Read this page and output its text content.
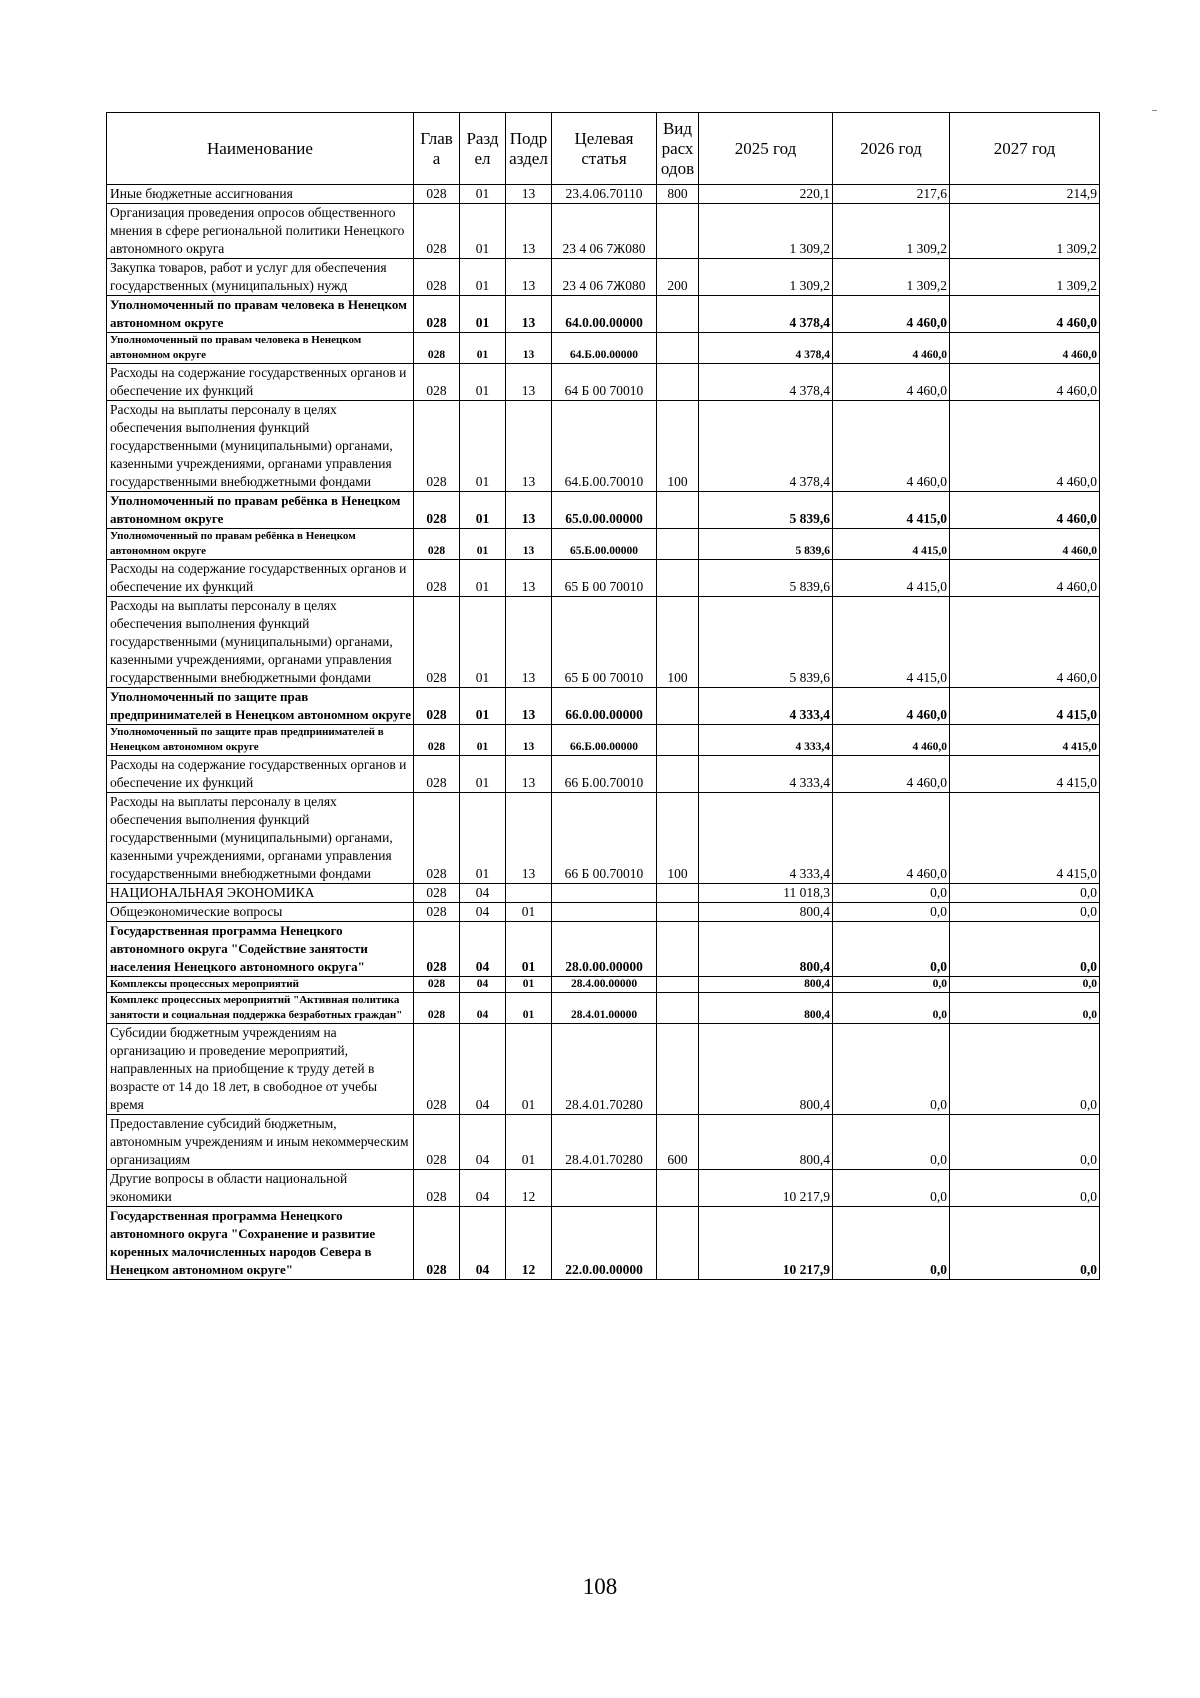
Наименование	Глав а	Разд ел	Подр аздел	Целевая статья	Вид расх одов	2025 год	2026 год	2027 год
Иные бюджетные ассигнования	028	01	13	23.4.06.70110	800	220,1	217,6	214,9
Организация проведения опросов общественного мнения в сфере региональной политики Ненецкого автономного округа	028	01	13	23 4 06 7Ж080		1 309,2	1 309,2	1 309,2
Закупка товаров, работ и услуг для обеспечения государственных (муниципальных) нужд	028	01	13	23 4 06 7Ж080	200	1 309,2	1 309,2	1 309,2
Уполномоченный по правам человека в Ненецком автономном округе	028	01	13	64.0.00.00000		4 378,4	4 460,0	4 460,0
Уполномоченный по правам человека в Ненецком автономном округе	028	01	13	64.Б.00.00000		4 378,4	4 460,0	4 460,0
Расходы на содержание государственных органов и обеспечение их функций	028	01	13	64 Б 00 70010		4 378,4	4 460,0	4 460,0
Расходы на выплаты персоналу в целях обеспечения выполнения функций государственными (муниципальными) органами, казенными учреждениями, органами управления государственными внебюджетными фондами	028	01	13	64.Б.00.70010	100	4 378,4	4 460,0	4 460,0
Уполномоченный по правам ребёнка в Ненецком автономном округе	028	01	13	65.0.00.00000		5 839,6	4 415,0	4 460,0
Уполномоченный по правам ребёнка в Ненецком автономном округе	028	01	13	65.Б.00.00000		5 839,6	4 415,0	4 460,0
Расходы на содержание государственных органов и обеспечение их функций	028	01	13	65 Б 00 70010		5 839,6	4 415,0	4 460,0
Расходы на выплаты персоналу в целях обеспечения выполнения функций государственными (муниципальными) органами, казенными учреждениями, органами управления государственными внебюджетными фондами	028	01	13	65 Б 00 70010	100	5 839,6	4 415,0	4 460,0
Уполномоченный по защите прав предпринимателей в Ненецком автономном округе	028	01	13	66.0.00.00000		4 333,4	4 460,0	4 415,0
Уполномоченный по защите прав предпринимателей в Ненецком автономном округе	028	01	13	66.Б.00.00000		4 333,4	4 460,0	4 415,0
Расходы на содержание государственных органов и обеспечение их функций	028	01	13	66 Б.00.70010		4 333,4	4 460,0	4 415,0
Расходы на выплаты персоналу в целях обеспечения выполнения функций государственными (муниципальными) органами, казенными учреждениями, органами управления государственными внебюджетными фондами	028	01	13	66 Б 00.70010	100	4 333,4	4 460,0	4 415,0
НАЦИОНАЛЬНАЯ ЭКОНОМИКА	028	04				11 018,3	0,0	0,0
Общеэкономические вопросы	028	04	01			800,4	0,0	0,0
Государственная программа Ненецкого автономного округа "Содействие занятости населения Ненецкого автономного округа"	028	04	01	28.0.00.00000		800,4	0,0	0,0
Комплексы процессных мероприятий	028	04	01	28.4.00.00000		800,4	0,0	0,0
Комплекс процессных мероприятий "Активная политика занятости и социальная поддержка безработных граждан"	028	04	01	28.4.01.00000		800,4	0,0	0,0
Субсидии бюджетным учреждениям на организацию и проведение мероприятий, направленных на приобщение к труду детей в возрасте от 14 до 18 лет, в свободное от учебы время	028	04	01	28.4.01.70280		800,4	0,0	0,0
Предоставление субсидий бюджетным, автономным учреждениям и иным некоммерческим организациям	028	04	01	28.4.01.70280	600	800,4	0,0	0,0
Другие вопросы в области национальной экономики	028	04	12			10 217,9	0,0	0,0
Государственная программа Ненецкого автономного округа "Сохранение и развитие коренных малочисленных народов Севера в Ненецком автономном округе"	028	04	12	22.0.00.00000		10 217,9	0,0	0,0
108
